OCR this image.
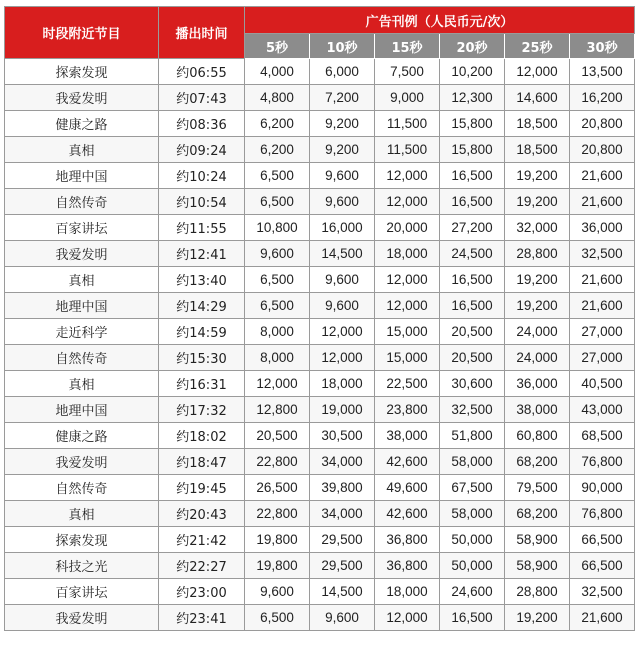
时段附近节目	播出时间	广告刊例（人民币元/次）					
		5秒	10秒	15秒	20秒	25秒	30秒
探索发现	约06:55	4,000	6,000	7,500	10,200	12,000	13,500
我爱发明	约07:43	4,800	7,200	9,000	12,300	14,600	16,200
健康之路	约08:36	6,200	9,200	11,500	15,800	18,500	20,800
真相	约09:24	6,200	9,200	11,500	15,800	18,500	20,800
地理中国	约10:24	6,500	9,600	12,000	16,500	19,200	21,600
自然传奇	约10:54	6,500	9,600	12,000	16,500	19,200	21,600
百家讲坛	约11:55	10,800	16,000	20,000	27,200	32,000	36,000
我爱发明	约12:41	9,600	14,500	18,000	24,500	28,800	32,500
真相	约13:40	6,500	9,600	12,000	16,500	19,200	21,600
地理中国	约14:29	6,500	9,600	12,000	16,500	19,200	21,600
走近科学	约14:59	8,000	12,000	15,000	20,500	24,000	27,000
自然传奇	约15:30	8,000	12,000	15,000	20,500	24,000	27,000
真相	约16:31	12,000	18,000	22,500	30,600	36,000	40,500
地理中国	约17:32	12,800	19,000	23,800	32,500	38,000	43,000
健康之路	约18:02	20,500	30,500	38,000	51,800	60,800	68,500
我爱发明	约18:47	22,800	34,000	42,600	58,000	68,200	76,800
自然传奇	约19:45	26,500	39,800	49,600	67,500	79,500	90,000
真相	约20:43	22,800	34,000	42,600	58,000	68,200	76,800
探索发现	约21:42	19,800	29,500	36,800	50,000	58,900	66,500
科技之光	约22:27	19,800	29,500	36,800	50,000	58,900	66,500
百家讲坛	约23:00	9,600	14,500	18,000	24,600	28,800	32,500
我爱发明	约23:41	6,500	9,600	12,000	16,500	19,200	21,600
